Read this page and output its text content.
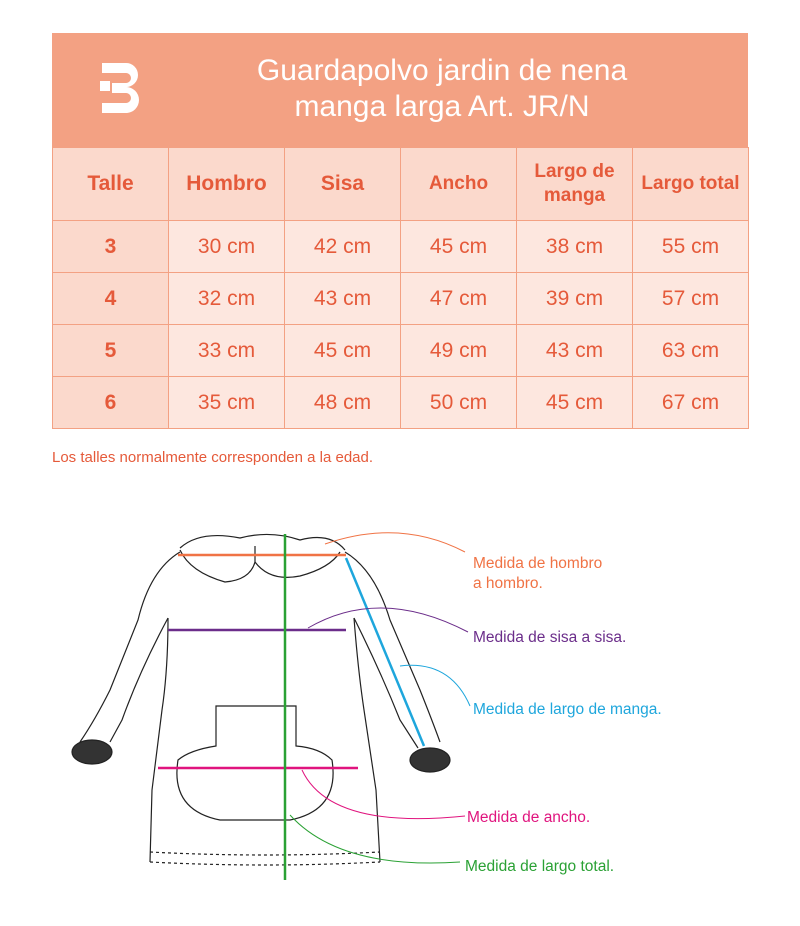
Guardapolvo jardin de nena
manga larga Art. JR/N
Talle	Hombro	Sisa	Ancho	Largo de manga	Largo total
3	30 cm	42 cm	45 cm	38 cm	55 cm
4	32 cm	43 cm	47 cm	39 cm	57 cm
5	33 cm	45 cm	49 cm	43 cm	63 cm
6	35 cm	48 cm	50 cm	45 cm	67 cm
Los talles normalmente corresponden a la edad.
Medida de hombro
a hombro.
Medida de sisa a sisa.
Medida de largo de manga.
Medida de ancho.
Medida de largo total.
